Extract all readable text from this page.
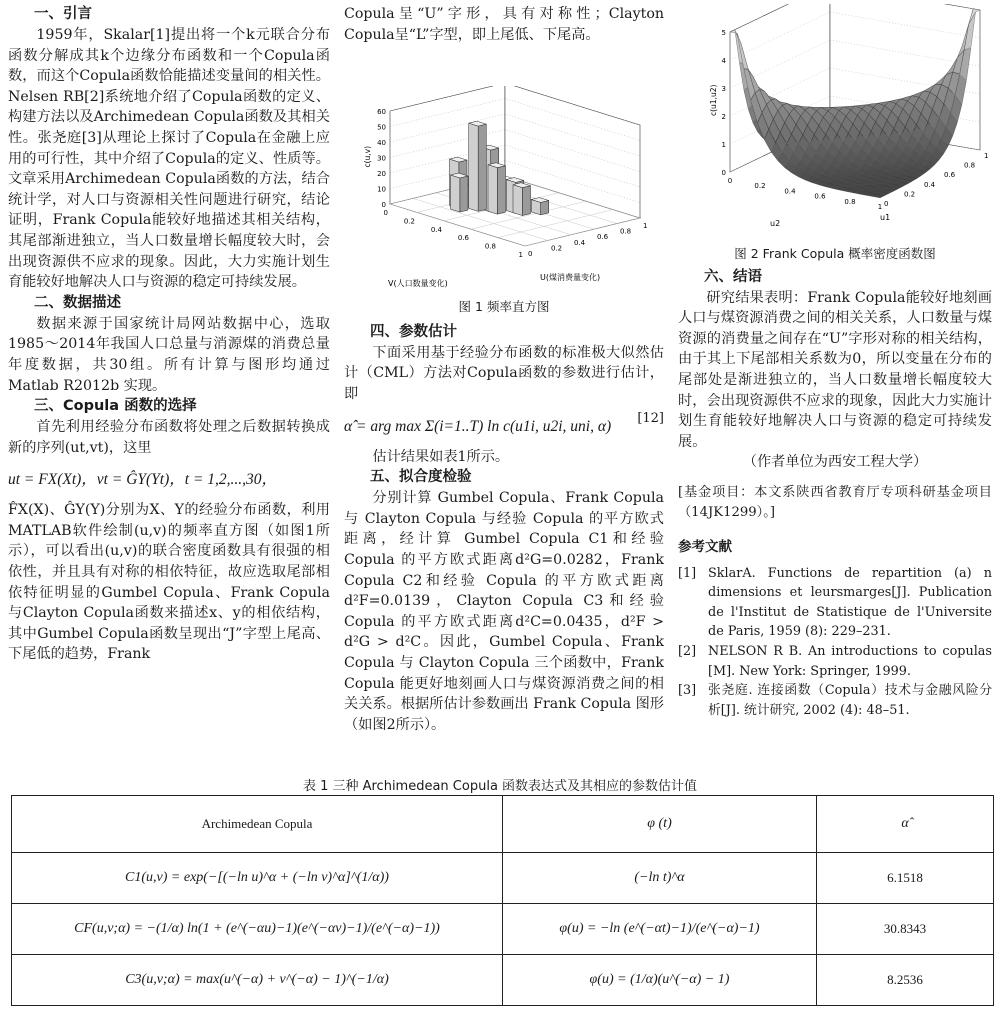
一、引言

1959年，Skalar[1]提出将一个k元联合分布函数分解成其k个边缘分布函数和一个Copula函数，而这个Copula函数恰能描述变量间的相关性。Nelsen RB[2]系统地介绍了Copula函数的定义、构建方法以及Archimedean Copula函数及其相关性。张尧庭[3]从理论上探讨了Copula在金融上应用的可行性，其中介绍了Copula的定义、性质等。文章采用Archimedean Copula函数的方法，结合统计学，对人口与资源相关性问题进行研究，结论证明，Frank Copula能较好地描述其相关结构，其尾部渐进独立，当人口数量增长幅度较大时，会出现资源供不应求的现象。因此，大力实施计划生育能较好地解决人口与资源的稳定可持续发展。

二、数据描述

数据来源于国家统计局网站数据中心，选取1985～2014年我国人口总量与消源煤的消费总量年度数据，共30组。所有计算与图形均通过 Matlab R2012b 实现。

三、Copula 函数的选择

首先利用经验分布函数将处理之后数据转换成新的序列(ut,vt)，这里

ut = FX(Xt)，vt = ĜY(Yt)，t = 1,2,...,30，

F̂X(X)、ĜY(Y)分别为X、Y的经验分布函数，利用MATLAB软件绘制(u,v)的频率直方图（如图1所示），可以看出(u,v)的联合密度函数具有很强的相依性，并且具有对称的相依特征，故应选取尾部相依特征明显的Gumbel Copula、Frank Copula与Clayton Copula函数来描述x、y的相依结构，其中Gumbel Copula函数呈现出“J”字型上尾高、下尾低的趋势，Frank

Copula呈“U”字形，具有对称性；Clayton Copula呈“L”字型，即上尾低、下尾高。

图 1 频率直方图
四、参数估计

下面采用基于经验分布函数的标准极大似然估计（CML）方法对Copula函数的参数进行估计，即

α̂ = arg max Σ(i=1..T) ln c(u1i, u2i, uni, α)	[12]

估计结果如表1所示。

五、拟合度检验

分别计算 Gumbel Copula、Frank Copula 与 Clayton Copula 与经验 Copula 的平方欧式距离，经计算 Gumbel Copula C1和经验 Copula 的平方欧式距离d²G=0.0282，Frank Copula C2和经验 Copula 的平方欧式距离d²F=0.0139，Clayton Copula C3和经验 Copula 的平方欧式距离d²C=0.0435，d²F > d²G > d²C。因此，Gumbel Copula、Frank Copula 与 Clayton Copula 三个函数中，Frank Copula 能更好地刻画人口与煤资源消费之间的相关关系。根据所估计参数画出 Frank Copula 图形（如图2所示）。

0
10
20
30
40
50
60
0
0.2
0.4
0.6
0.8
1 0
0.2
0.4
0.6
0.8
1
c(u,v)
V(人口数量变化)
U(煤消费量变化)
图 2 Frank Copula 概率密度函数图
六、结语

研究结果表明：Frank Copula能较好地刻画人口与煤资源消费之间的相关关系，人口数量与煤资源的消费量之间存在“U”字形对称的相关结构，由于其上下尾部相关系数为0，所以变量在分布的尾部处是渐进独立的，当人口数量增长幅度较大时，会出现资源供不应求的现象，因此大力实施计划生育能较好地解决人口与资源的稳定可持续发展。

（作者单位为西安工程大学）

[基金项目：本文系陕西省教育厅专项科研基金项目（14JK1299）。]
参考文献
[1] SklarA. Functions de repartition (a) n dimensions et leursmarges[J]. Publication de l'Institut de Statistique de l'Universite de Paris, 1959 (8): 229–231.
[2] NELSON R B. An introductions to copulas [M]. New York: Springer, 1999.
[3] 张尧庭. 连接函数（Copula）技术与金融风险分析[J]. 统计研究, 2002 (4): 48–51.
0
1
2
3
4
5
0
0.2
0.4
0.6
0.8
1 0
0.2
0.4
0.6
0.8
1
c(u1,u2)
u2
u1
表 1 三种 Archimedean Copula 函数表达式及其相应的参数估计值
Archimedean Copula	φ (t)	α̂
C1(u,v) = exp(−[(−ln u)^α + (−ln v)^α]^(1/α))	(−ln t)^α	6.1518
CF(u,v;α) = −(1/α) ln(1 + (e^(−αu)−1)(e^(−αv)−1)/(e^(−α)−1))	φ(u) = −ln (e^(−αt)−1)/(e^(−α)−1)	30.8343
C3(u,v;α) = max(u^(−α) + v^(−α) − 1)^(−1/α)	φ(u) = (1/α)(u^(−α) − 1)	8.2536
